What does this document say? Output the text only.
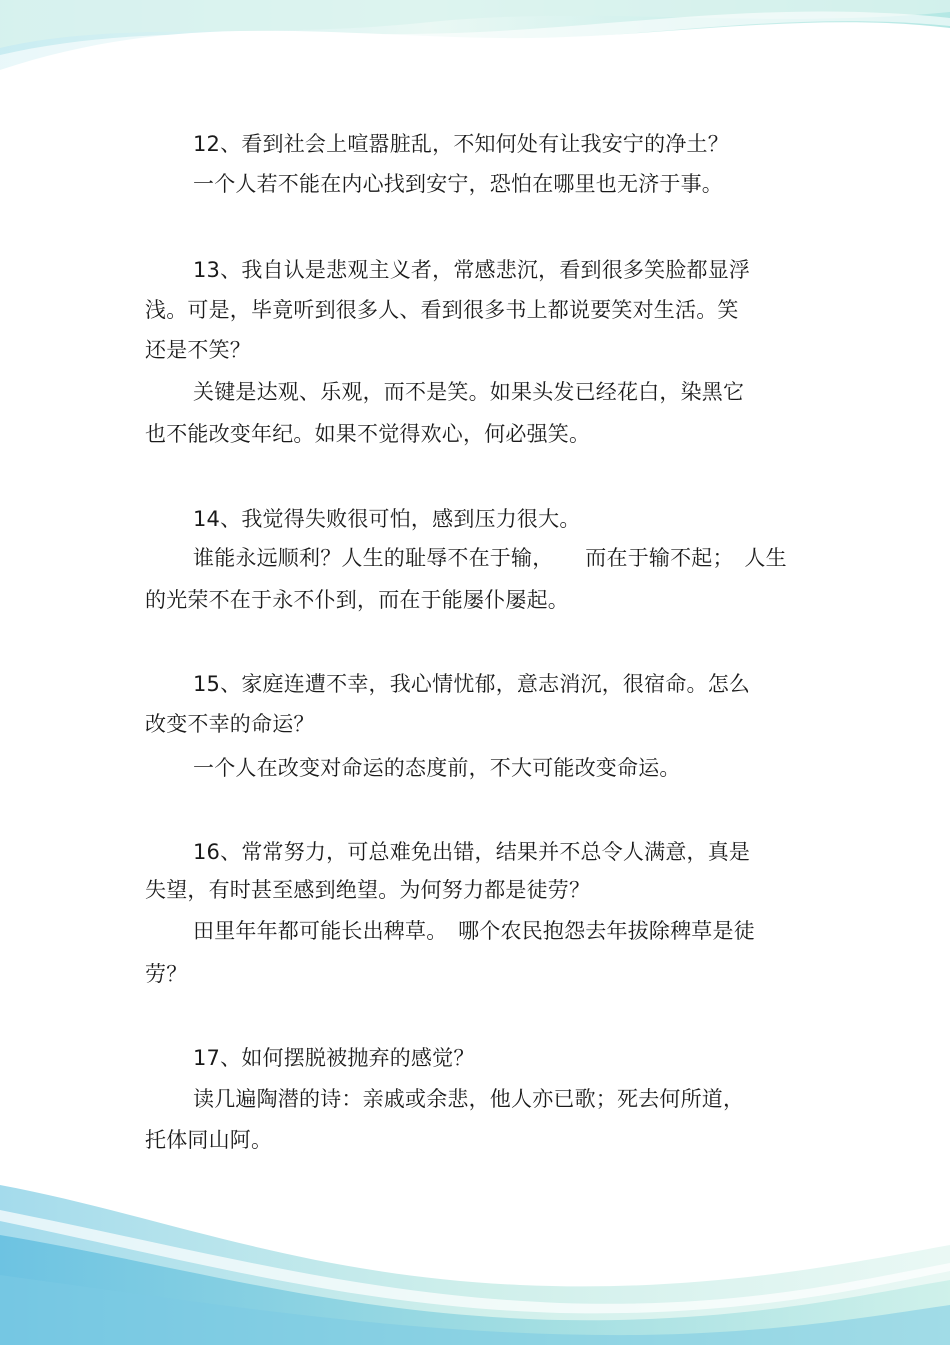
12、看到社会上喧嚣脏乱，不知何处有让我安宁的净土？
一个人若不能在内心找到安宁，恐怕在哪里也无济于事。
13、我自认是悲观主义者，常感悲沉，看到很多笑脸都显浮
浅。可是，毕竟听到很多人、看到很多书上都说要笑对生活。笑
还是不笑？
关键是达观、乐观，而不是笑。如果头发已经花白，染黑它
也不能改变年纪。如果不觉得欢心，何必强笑。
14、我觉得失败很可怕，感到压力很大。
谁能永远顺利？人生的耻辱不在于输，　　而在于输不起；　人生
的光荣不在于永不仆到，而在于能屡仆屡起。
15、家庭连遭不幸，我心情忧郁，意志消沉，很宿命。怎么
改变不幸的命运？
一个人在改变对命运的态度前，不大可能改变命运。
16、常常努力，可总难免出错，结果并不总令人满意，真是
失望，有时甚至感到绝望。为何努力都是徒劳？
田里年年都可能长出稗草。　哪个农民抱怨去年拔除稗草是徒
劳？
17、如何摆脱被抛弃的感觉？
读几遍陶潜的诗：亲戚或余悲，他人亦已歌；死去何所道，
托体同山阿。
